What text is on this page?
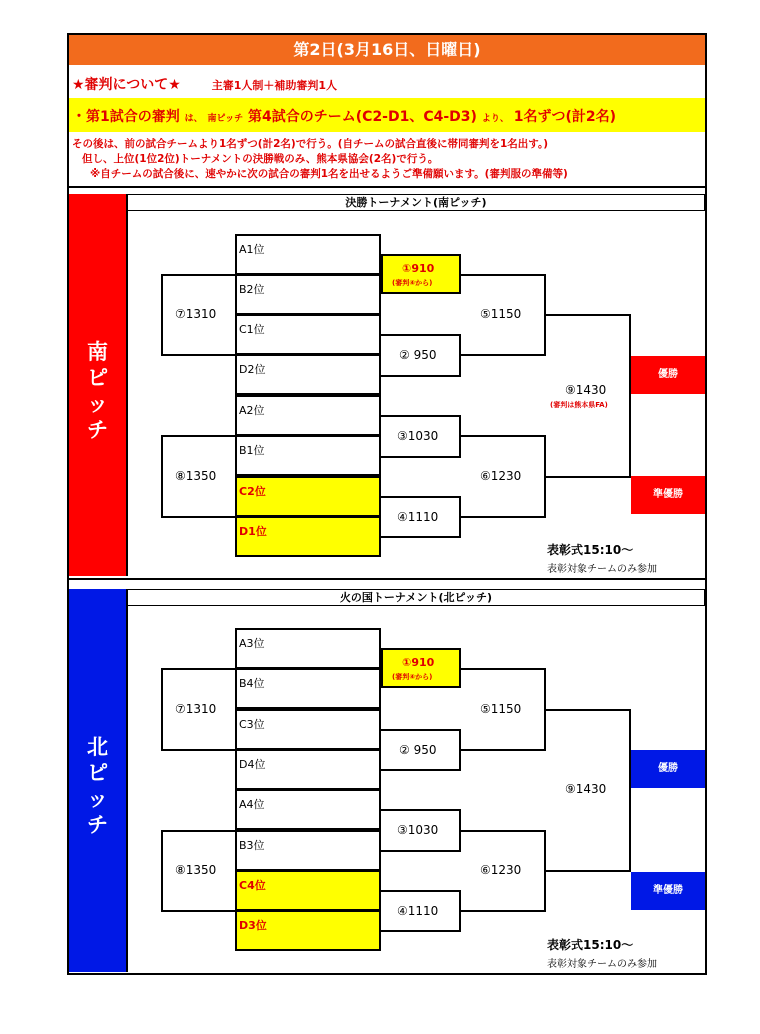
第2日(3月16日、日曜日)
★審判について★	主審1人制＋補助審判1人
・第1試合の審判 は、 南ピッチ 第4試合のチーム(C2-D1、C4-D3) より、 1名ずつ(計2名)
その後は、前の試合チームより1名ずつ(計2名)で行う。(自チームの試合直後に帯同審判を1名出す。)
但し、上位(1位2位)トーナメントの決勝戦のみ、熊本県協会(2名)で行う。
※自チームの試合後に、速やかに次の試合の審判1名を出せるようご準備願います。(審判服の準備等)
南
ピ
ッ
チ
決勝トーナメント(南ピッチ)
A1位
B2位
C1位
D2位
A2位
B1位
C2位
D1位
⑦1310
⑧1350
①910
(審判④から)
② 950
③1030
④1110
⑤1150
⑥1230
⑨1430
(審判は熊本県FA)
優勝
準優勝
表彰式15:10〜
表彰対象チームのみ参加
北
ピ
ッ
チ
火の国トーナメント(北ピッチ)
A3位
B4位
C3位
D4位
A4位
B3位
C4位
D3位
⑦1310
⑧1350
①910
(審判④から)
② 950
③1030
④1110
⑤1150
⑥1230
⑨1430
優勝
準優勝
表彰式15:10〜
表彰対象チームのみ参加
